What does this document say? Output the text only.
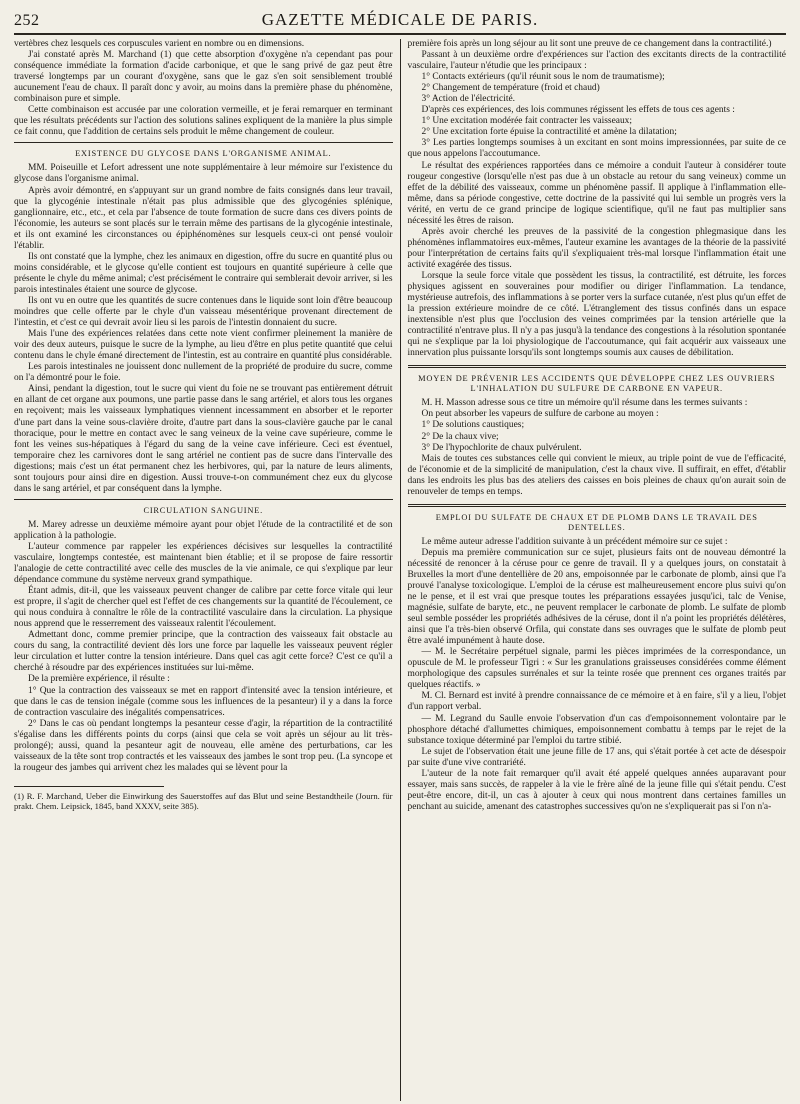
252	GAZETTE MÉDICALE DE PARIS.

vertèbres chez lesquels ces corpuscules varient en nombre ou en dimensions.

J'ai constaté après M. Marchand (1) que cette absorption d'oxygène n'a cependant pas pour conséquence immédiate la formation d'acide carbonique, et que le sang privé de gaz peut être traversé longtemps par un courant d'oxygène, sans que le gaz s'en soit sensiblement troublé aucunement l'eau de chaux. Il paraît donc y avoir, au moins dans la première phase du phénomène, combinaison pure et simple.

Cette combinaison est accusée par une coloration vermeille, et je ferai remarquer en terminant que les résultats précédents sur l'action des solutions salines expliquent de la manière la plus simple ce fait connu, que l'addition de certains sels produit le même changement de couleur.

EXISTENCE DU GLYCOSE DANS L'ORGANISME ANIMAL.

MM. Poiseuille et Lefort adressent une note supplémentaire à leur mémoire sur l'existence du glycose dans l'organisme animal.

Après avoir démontré, en s'appuyant sur un grand nombre de faits consignés dans leur travail, que la glycogénie intestinale n'était pas plus admissible que des glycogénies splénique, ganglionnaire, etc., etc., et cela par l'absence de toute formation de sucre dans ces divers points de l'économie, les auteurs se sont placés sur le terrain même des partisans de la glycogénie intestinale, et ils ont examiné les circonstances ou épiphénomènes sur lesquels ceux-ci ont pensé vouloir l'établir.

Ils ont constaté que la lymphe, chez les animaux en digestion, offre du sucre en quantité plus ou moins considérable, et le glycose qu'elle contient est toujours en quantité supérieure à celle que présente le chyle du même animal; c'est précisément le contraire qui semblerait devoir arriver, si les parois intestinales étaient une source de glycose.

Ils ont vu en outre que les quantités de sucre contenues dans le liquide sont loin d'être beaucoup moindres que celle offerte par le chyle d'un vaisseau mésentérique provenant directement de l'intestin, et c'est ce qui devrait avoir lieu si les parois de l'intestin donnaient du sucre.

Mais l'une des expériences relatées dans cette note vient confirmer pleinement la manière de voir des deux auteurs, puisque le sucre de la lymphe, au lieu d'être en plus petite quantité que celui contenu dans le chyle émané directement de l'intestin, est au contraire en quantité plus considérable.

Les parois intestinales ne jouissent donc nullement de la propriété de produire du sucre, comme on l'a démontré pour le foie.

Ainsi, pendant la digestion, tout le sucre qui vient du foie ne se trouvant pas entièrement détruit en allant de cet organe aux poumons, une partie passe dans le sang artériel, et alors tous les organes en reçoivent; mais les vaisseaux lymphatiques viennent incessamment en absorber et le reporter d'une part dans la veine sous-clavière droite, d'autre part dans la sous-clavière gauche par le canal thoracique, pour le mettre en contact avec le sang veineux de la veine cave supérieure, comme le font les veines sus-hépatiques à l'égard du sang de la veine cave inférieure. Ceci est éventuel, temporaire chez les carnivores dont le sang artériel ne contient pas de sucre dans l'intervalle des digestions; mais c'est un état permanent chez les herbivores, qui, par la nature de leurs aliments, sont toujours pour ainsi dire en digestion. Aussi trouve-t-on communément chez eux du glycose dans le sang artériel, et par conséquent dans la lymphe.

CIRCULATION SANGUINE.

M. Marey adresse un deuxième mémoire ayant pour objet l'étude de la contractilité et de son application à la pathologie.

L'auteur commence par rappeler les expériences décisives sur lesquelles la contractilité vasculaire, longtemps contestée, est maintenant bien établie; et il se propose de faire ressortir l'analogie de cette contractilité avec celle des muscles de la vie animale, ce qui s'explique par leur dépendance commune du système nerveux grand sympathique.

Étant admis, dit-il, que les vaisseaux peuvent changer de calibre par cette force vitale qui leur est propre, il s'agit de chercher quel est l'effet de ces changements sur la quantité de l'écoulement, ce qui nous conduira à connaître le rôle de la contractilité vasculaire dans la circulation. La physique nous apprend que le resserrement des vaisseaux ralentit l'écoulement.

Admettant donc, comme premier principe, que la contraction des vaisseaux fait obstacle au cours du sang, la contractilité devient dès lors une force par laquelle les vaisseaux peuvent régler leur circulation et lutter contre la tension intérieure. Dans quel cas agit cette force? C'est ce qu'il a cherché à résoudre par des expériences instituées sur lui-même.

De la première expérience, il résulte :

1° Que la contraction des vaisseaux se met en rapport d'intensité avec la tension intérieure, et que dans le cas de tension inégale (comme sous les influences de la pesanteur) il y a dans la force de contraction vasculaire des inégalités compensatrices.

2° Dans le cas où pendant longtemps la pesanteur cesse d'agir, la répartition de la contractilité s'égalise dans les différents points du corps (ainsi que cela se voit après un séjour au lit très-prolongé); aussi, quand la pesanteur agit de nouveau, elle amène des perturbations, car les vaisseaux de la tête sont trop contractés et les vaisseaux des jambes le sont trop peu. (La syncope et la rougeur des jambes qui arrivent chez les malades qui se lèvent pour la

(1) R. F. Marchand, Ueber die Einwirkung des Sauerstoffes auf das Blut und seine Bestandtheile (Journ. für prakt. Chem. Leipsick, 1845, band XXXV, seite 385).

première fois après un long séjour au lit sont une preuve de ce changement dans la contractilité.)

Passant à un deuxième ordre d'expériences sur l'action des excitants directs de la contractilité vasculaire, l'auteur n'étudie que les principaux :

1° Contacts extérieurs (qu'il réunit sous le nom de traumatisme);

2° Changement de température (froid et chaud)

3° Action de l'électricité.

D'après ces expériences, des lois communes régissent les effets de tous ces agents :

1° Une excitation modérée fait contracter les vaisseaux;

2° Une excitation forte épuise la contractilité et amène la dilatation;

3° Les parties longtemps soumises à un excitant en sont moins impressionnées, par suite de ce que nous appelons l'accoutumance.

Le résultat des expériences rapportées dans ce mémoire a conduit l'auteur à considérer toute rougeur congestive (lorsqu'elle n'est pas due à un obstacle au retour du sang veineux) comme un effet de la débilité des vaisseaux, comme un phénomène passif. Il applique à l'inflammation elle-même, dans sa période congestive, cette doctrine de la passivité qui lui semble un progrès vers la vérité, en vertu de ce grand principe de logique scientifique, qu'il ne faut pas multiplier sans nécessité les êtres de raison.

Après avoir cherché les preuves de la passivité de la congestion phlegmasique dans les phénomènes inflammatoires eux-mêmes, l'auteur examine les avantages de la théorie de la passivité pour l'interprétation de certains faits qu'il s'expliquaient très-mal lorsque l'inflammation était une activité exagérée des tissus.

Lorsque la seule force vitale que possèdent les tissus, la contractilité, est détruite, les forces physiques agissent en souveraines pour modifier ou diriger l'inflammation. La tendance, mystérieuse autrefois, des inflammations à se porter vers la surface cutanée, n'est plus qu'un effet de la pression extérieure moindre de ce côté. L'étranglement des tissus confinés dans un espace inextensible n'est plus que l'occlusion des veines comprimées par la tension artérielle que la contractilité n'entrave plus. Il n'y a pas jusqu'à la tendance des congestions à la résolution spontanée qui ne s'explique par la loi physiologique de l'accoutumance, qui fait acquérir aux vaisseaux une innervation plus puissante lorsqu'ils sont longtemps soumis aux causes de débilitation.

MOYEN DE PRÉVENIR LES ACCIDENTS QUE DÉVELOPPE CHEZ LES OUVRIERS L'INHALATION DU SULFURE DE CARBONE EN VAPEUR.

M. H. Masson adresse sous ce titre un mémoire qu'il résume dans les termes suivants :

On peut absorber les vapeurs de sulfure de carbone au moyen :

1° De solutions caustiques;

2° De la chaux vive;

3° De l'hypochlorite de chaux pulvérulent.

Mais de toutes ces substances celle qui convient le mieux, au triple point de vue de l'efficacité, de l'économie et de la simplicité de manipulation, c'est la chaux vive. Il suffirait, en effet, d'établir dans les endroits les plus bas des ateliers des caisses en bois pleines de chaux qu'on aurait soin de renouveler de temps en temps.

EMPLOI DU SULFATE DE CHAUX ET DE PLOMB DANS LE TRAVAIL DES DENTELLES.

Le même auteur adresse l'addition suivante à un précédent mémoire sur ce sujet :

Depuis ma première communication sur ce sujet, plusieurs faits ont de nouveau démontré la nécessité de renoncer à la céruse pour ce genre de travail. Il y a quelques jours, on constatait à Bruxelles la mort d'une dentellière de 20 ans, empoisonnée par le carbonate de plomb, ainsi que l'a prouvé l'analyse toxicologique. L'emploi de la céruse est malheureusement encore plus suivi qu'on ne le pense, et il est vrai que presque toutes les préparations essayées jusqu'ici, talc de Venise, magnésie, sulfate de baryte, etc., ne peuvent remplacer le carbonate de plomb. Le sulfate de plomb seul semble posséder les propriétés adhésives de la céruse, dont il n'a point les propriétés délétères, ainsi que l'a très-bien observé Orfila, qui constate dans ses ouvrages que le sulfate de plomb peut être avalé impunément à haute dose.

— M. le Secrétaire perpétuel signale, parmi les pièces imprimées de la correspondance, un opuscule de M. le professeur Tigri : « Sur les granulations graisseuses considérées comme élément morphologique des capsules surrénales et sur la teinte rosée que prennent ces organes traités par quelques réactifs. »

M. Cl. Bernard est invité à prendre connaissance de ce mémoire et à en faire, s'il y a lieu, l'objet d'un rapport verbal.

— M. Legrand du Saulle envoie l'observation d'un cas d'empoisonnement volontaire par le phosphore détaché d'allumettes chimiques, empoisonnement combattu à temps par le rejet de la substance toxique déterminé par l'emploi du tartre stibié.

Le sujet de l'observation était une jeune fille de 17 ans, qui s'était portée à cet acte de désespoir par suite d'une vive contrariété.

L'auteur de la note fait remarquer qu'il avait été appelé quelques années auparavant pour essayer, mais sans succès, de rappeler à la vie le frère aîné de la jeune fille qui s'était pendu. C'est peut-être encore, dit-il, un cas à ajouter à ceux qui nous montrent dans certaines familles un penchant au suicide, amenant des catastrophes successives qu'on ne s'expliquerait pas si l'on n'a-
